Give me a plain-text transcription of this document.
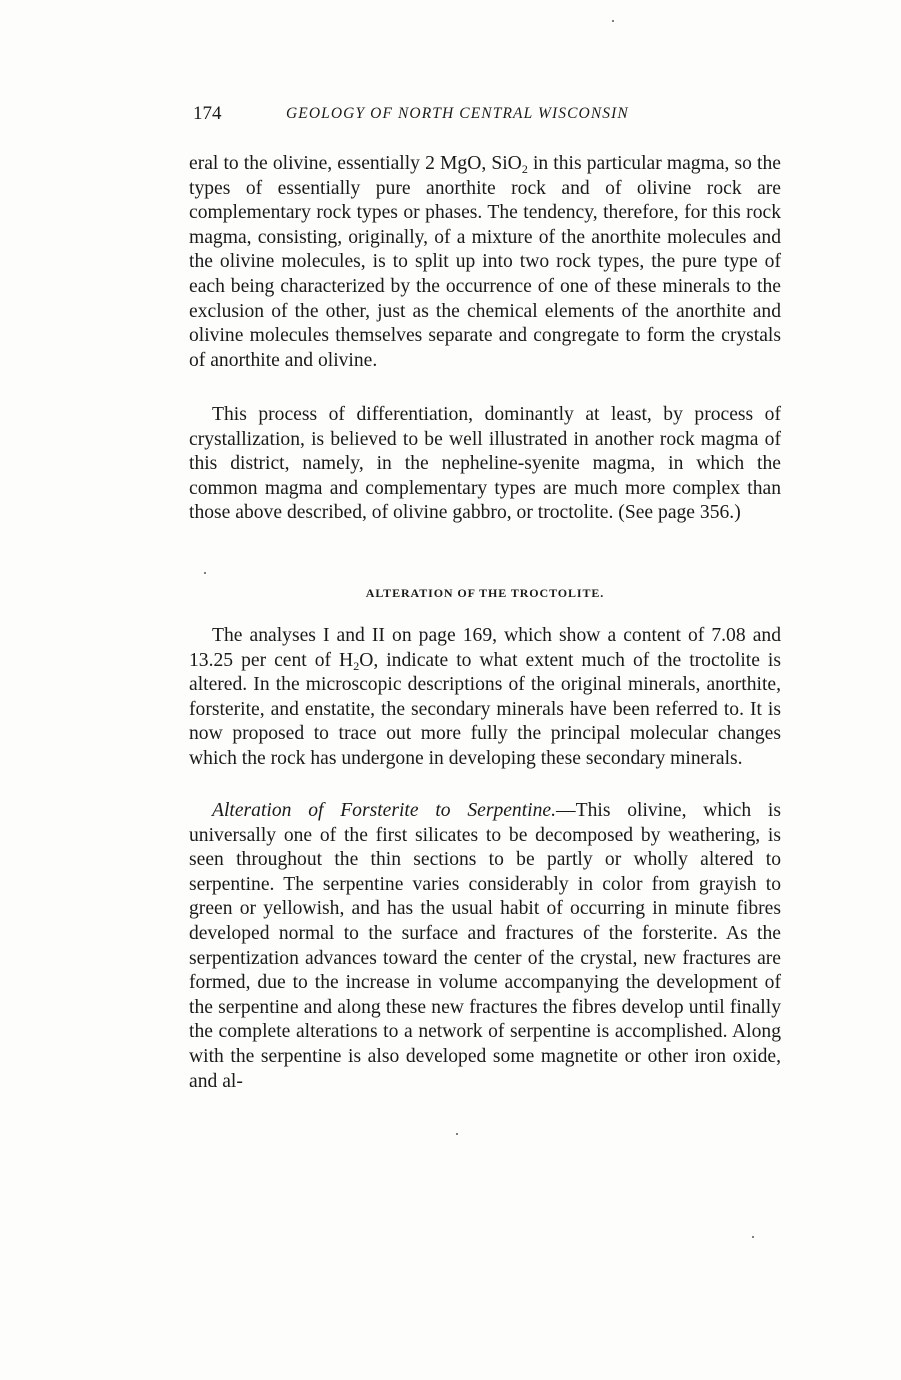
174	GEOLOGY OF NORTH CENTRAL WISCONSIN

eral to the olivine, essentially 2 MgO, SiO$_2$ in this particular magma, so the types of essentially pure anorthite rock and of olivine rock are complementary rock types or phases. The tendency, therefore, for this rock magma, consisting, originally, of a mixture of the anorthite molecules and the olivine molecules, is to split up into two rock types, the pure type of each being characterized by the occurrence of one of these minerals to the exclusion of the other, just as the chemical elements of the anorthite and olivine molecules themselves separate and congregate to form the crystals of anorthite and olivine.

This process of differentiation, dominantly at least, by process of crystallization, is believed to be well illustrated in another rock magma of this district, namely, in the nepheline-syenite magma, in which the common magma and complementary types are much more complex than those above described, of olivine gabbro, or troctolite. (See page 356.)

ALTERATION OF THE TROCTOLITE.

The analyses I and II on page 169, which show a content of 7.08 and 13.25 per cent of $H_2O$, indicate to what extent much of the troctolite is altered. In the microscopic descriptions of the original minerals, anorthite, forsterite, and enstatite, the secondary minerals have been referred to. It is now proposed to trace out more fully the principal molecular changes which the rock has undergone in developing these secondary minerals.

Alteration of Forsterite to Serpentine.—This olivine, which is universally one of the first silicates to be decomposed by weathering, is seen throughout the thin sections to be partly or wholly altered to serpentine. The serpentine varies considerably in color from grayish to green or yellowish, and has the usual habit of occurring in minute fibres developed normal to the surface and fractures of the forsterite. As the serpentization advances toward the center of the crystal, new fractures are formed, due to the increase in volume accompanying the development of the serpentine and along these new fractures the fibres develop until finally the complete alterations to a network of serpentine is accomplished. Along with the serpentine is also developed some magnetite or other iron oxide, and al-
